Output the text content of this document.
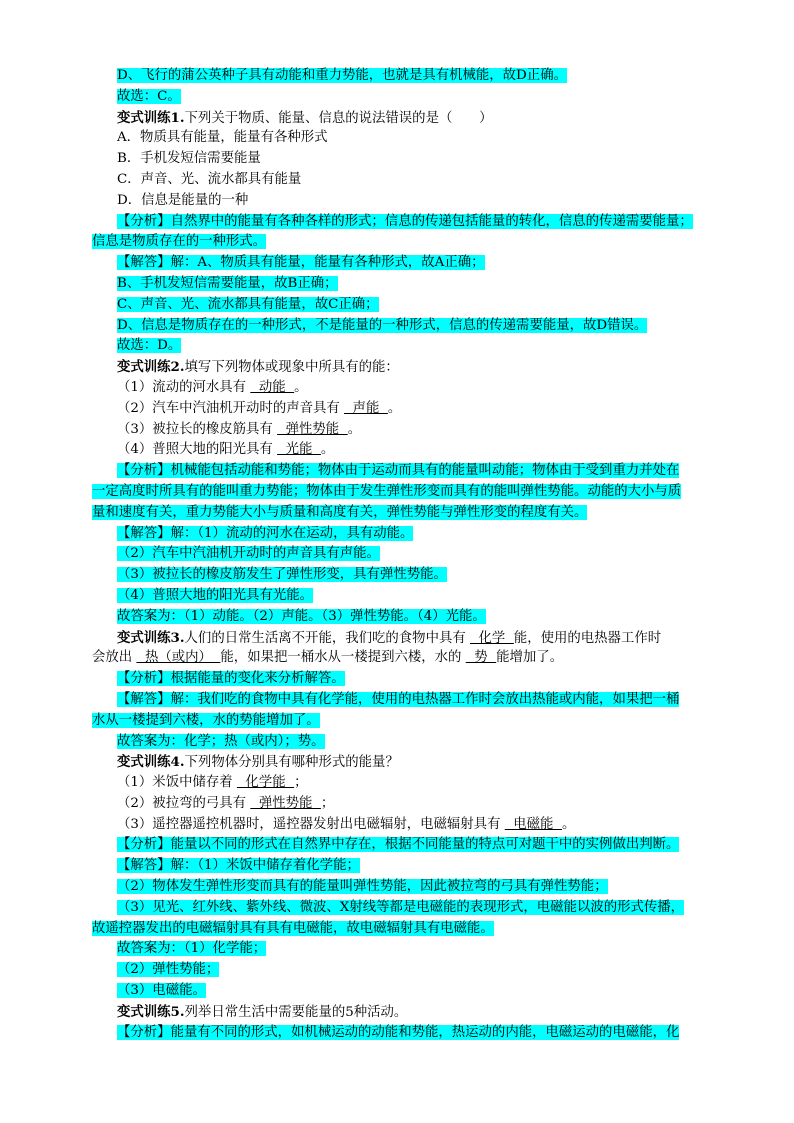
D、飞行的蒲公英种子具有动能和重力势能，也就是具有机械能，故D正确。
故选：C。
变式训练1.下列关于物质、能量、信息的说法错误的是（　　）
A．物质具有能量，能量有各种形式
B．手机发短信需要能量
C．声音、光、流水都具有能量
D．信息是能量的一种
【分析】自然界中的能量有各种各样的形式；信息的传递包括能量的转化，信息的传递需要能量；
信息是物质存在的一种形式。
【解答】解：A、物质具有能量，能量有各种形式，故A正确；
B、手机发短信需要能量，故B正确；
C、声音、光、流水都具有能量，故C正确；
D、信息是物质存在的一种形式，不是能量的一种形式，信息的传递需要能量，故D错误。
故选：D。
变式训练2.填写下列物体或现象中所具有的能：
（1）流动的河水具有   动能  。
（2）汽车中汽油机开动时的声音具有   声能  。
（3）被拉长的橡皮筋具有   弹性势能  。
（4）普照大地的阳光具有   光能  。
【分析】机械能包括动能和势能；物体由于运动而具有的能量叫动能；物体由于受到重力并处在
一定高度时所具有的能叫重力势能；物体由于发生弹性形变而具有的能叫弹性势能。动能的大小与质
量和速度有关，重力势能大小与质量和高度有关，弹性势能与弹性形变的程度有关。
【解答】解：（1）流动的河水在运动，具有动能。
（2）汽车中汽油机开动时的声音具有声能。
（3）被拉长的橡皮筋发生了弹性形变，具有弹性势能。
（4）普照大地的阳光具有光能。
故答案为：（1）动能。（2）声能。（3）弹性势能。（4）光能。
变式训练3.人们的日常生活离不开能，我们吃的食物中具有   化学  能，使用的电热器工作时
会放出   热（或内）  能，如果把一桶水从一楼提到六楼，水的   势  能增加了。
【分析】根据能量的变化来分析解答。
【解答】解：我们吃的食物中具有化学能，使用的电热器工作时会放出热能或内能，如果把一桶
水从一楼提到六楼，水的势能增加了。
故答案为：化学；热（或内）；势。
变式训练4.下列物体分别具有哪种形式的能量？
（1）米饭中储存着   化学能  ；
（2）被拉弯的弓具有   弹性势能  ；
（3）遥控器遥控机器时，遥控器发射出电磁辐射，电磁辐射具有   电磁能  。
【分析】能量以不同的形式在自然界中存在，根据不同能量的特点可对题干中的实例做出判断。
【解答】解：（1）米饭中储存着化学能；
（2）物体发生弹性形变而具有的能量叫弹性势能，因此被拉弯的弓具有弹性势能；
（3）见光、红外线、紫外线、微波、X射线等都是电磁能的表现形式，电磁能以波的形式传播，
故遥控器发出的电磁辐射具有具有电磁能，故电磁辐射具有电磁能。
故答案为：（1）化学能；
（2）弹性势能；
（3）电磁能。
变式训练5.列举日常生活中需要能量的5种活动。
【分析】能量有不同的形式，如机械运动的动能和势能，热运动的内能，电磁运动的电磁能，化
